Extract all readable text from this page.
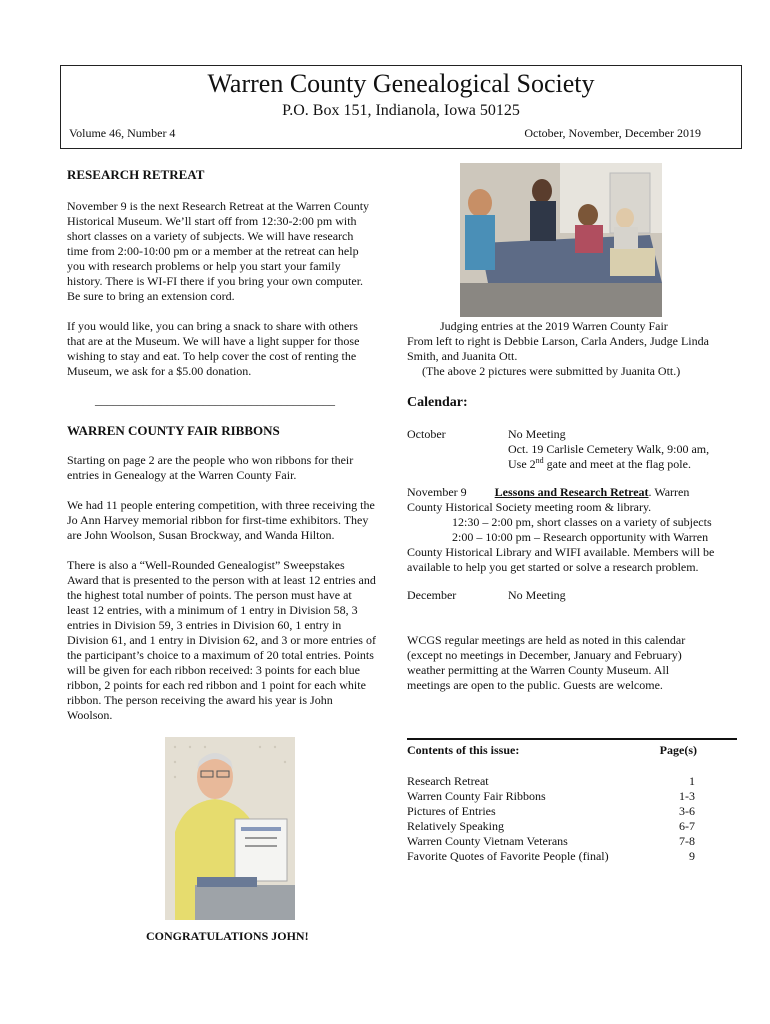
Warren County Genealogical Society
P.O. Box 151, Indianola, Iowa 50125
Volume 46, Number 4	October, November, December 2019
RESEARCH RETREAT

November 9 is the next Research Retreat at the Warren County

Historical Museum. We’ll start off from 12:30-2:00 pm with

short classes on a variety of subjects. We will have research

time from 2:00-10:00 pm or a member at the retreat can help

you with research problems or help you start your family

history. There is WI-FI there if you bring your own computer.

Be sure to bring an extension cord.

If you would like, you can bring a snack to share with others

that are at the Museum. We will have a light supper for those

wishing to stay and eat. To help cover the cost of renting the

Museum, we ask for a $5.00 donation.

________________________________________
WARREN COUNTY FAIR RIBBONS

Starting on page 2 are the people who won ribbons for their

entries in Genealogy at the Warren County Fair.

We had 11 people entering competition, with three receiving the

Jo Ann Harvey memorial ribbon for first-time exhibitors. They

are John Woolson, Susan Brockway, and Wanda Hilton.

There is also a “Well-Rounded Genealogist” Sweepstakes

Award that is presented to the person with at least 12 entries and

the highest total number of points. The person must have at

least 12 entries, with a minimum of 1 entry in Division 58, 3

entries in Division 59, 3 entries in Division 60, 1 entry in

Division 61, and 1 entry in Division 62, and 3 or more entries of

the participant’s choice to a maximum of 20 total entries. Points

will be given for each ribbon received: 3 points for each blue

ribbon, 2 points for each red ribbon and 1 point for each white

ribbon. The person receiving the award his year is John

Woolson.

CONGRATULATIONS JOHN!

Judging entries at the 2019 Warren County Fair

From left to right is Debbie Larson, Carla Anders, Judge Linda

Smith, and Juanita Ott.

(The above 2 pictures were submitted by Juanita Ott.)

Calendar:
October	No Meeting

Oct. 19 Carlisle Cemetery Walk, 9:00 am,

Use 2nd gate and meet at the flag pole.

November 9 Lessons and Research Retreat. Warren

County Historical Society meeting room & library.

12:30 – 2:00 pm, short classes on a variety of subjects

2:00 – 10:00 pm – Research opportunity with Warren

County Historical Library and WIFI available. Members will be

available to help you get started or solve a research problem.

December	No Meeting

WCGS regular meetings are held as noted in this calendar

(except no meetings in December, January and February)

weather permitting at the Warren County Museum. All

meetings are open to the public. Guests are welcome.

Contents of this issue:	Page(s)
Research Retreat	1
Warren County Fair Ribbons	1-3
Pictures of Entries	3-6
Relatively Speaking	6-7
Warren County Vietnam Veterans	7-8
Favorite Quotes of Favorite People (final)	9
